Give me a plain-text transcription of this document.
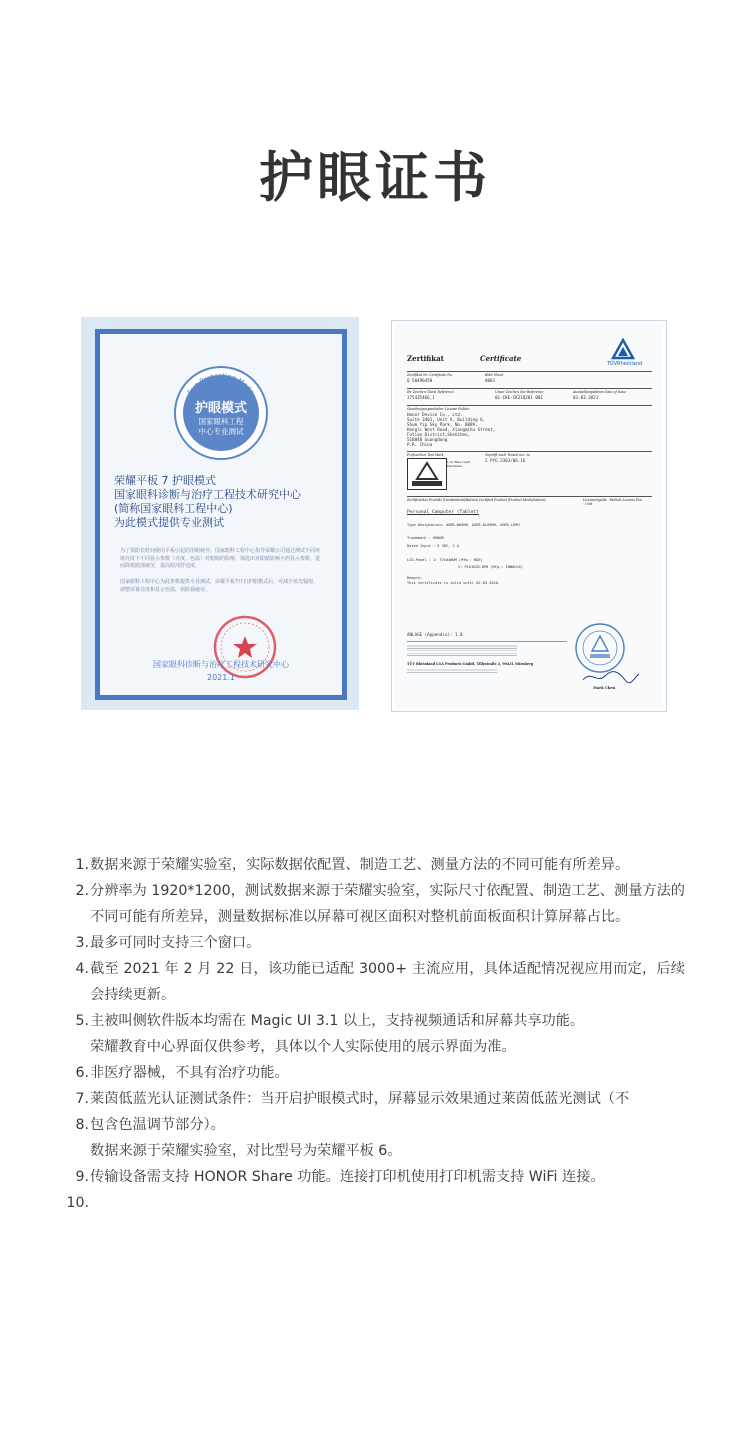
护眼证书
Eye Protection Mode
护眼模式
国家眼科工程
中心专业测试
荣耀平板 7 护眼模式
国家眼科诊断与治疗工程技术研究中心
(简称国家眼科工程中心)
为此模式提供专业测试
为了预防长时间使用平板引起的用眼疲劳，国家眼科工程中心指导荣耀公司通过测试不同环境亮度下不同显示参数（亮度、色温）对眼睛的影响，筛选出对眼睛影响小的显示参数，进而降低眼部疲劳，提高眼部舒适度。
国家眼科工程中心为此参数提供专业测试，荣耀平板7开启护眼模式后，可减少蓝光辐射，调整屏幕亮度和显示色温，预防视疲劳。
国家眼科诊断与治疗工程技术研究中心
2021.1
Zertifikat	Certificate
TÜVRheinland
Zertifikat Nr. Certificate No.	Blatt Sheet
Q 50496458	0001
Ihr Zeichen Client Reference	Unser Zeichen Our Reference	Ausstellungsdatum Date of Issue
375435466_1	01-CKE-CK21Q201 001	03.03.2021
Genehmigungsinhaber License Holder
Honor Device Co., Ltd.
Suite 3401, Unit A, Building 6,
Shum Yip Sky Park, No. 8089,
Hongli West Road, Xiangmihu Street,
Futian District,Shenzhen,
518040 Guangdong
P.R. China
Prüfzeichen Test Mark	Geprüft nach Tested acc. to
Low Blue Light Hardware
2 PfG 2383/06.16
Zertifiziertes Produkt (Geräteidentifikation) Certified Product (Product Identification)	Lizenzentgelte - Einheit License Fee - Unit
Personal Computer (Tablet)
Type Designation: AGM3-W09HN, AGM3-AL09HN, AGM3-L09H
Trademark : HONOR
Rated Input : 5 VDC, 2 A
LCD-Panel : 1: TV104WUM (Mfg.: BOE)
2: P101KZD-DP8 (Mfg.: INNOLUX)
Remark:
This certificate is valid until 02.03.2026.
ANLAGE (Appendix): 1.0
TÜV Rheinland LGA Products GmbH, Tillystraße 2, 90431 Nürnberg
Mark Chen
1. 数据来源于荣耀实验室，实际数据依配置、制造工艺、测量方法的不同可能有所差异。
2. 分辨率为 1920*1200，测试数据来源于荣耀实验室，实际尺寸依配置、制造工艺、测量方法的不同可能有所差异，测量数据标准以屏幕可视区面积对整机前面板面积计算屏幕占比。
3. 最多可同时支持三个窗口。
4. 截至 2021 年 2 月 22 日，该功能已适配 3000+ 主流应用，具体适配情况视应用而定，后续会持续更新。
5. 主被叫侧软件版本均需在 Magic UI 3.1 以上，支持视频通话和屏幕共享功能。
荣耀教育中心界面仅供参考，具体以个人实际使用的展示界面为准。
6. 非医疗器械，不具有治疗功能。
7. 莱茵低蓝光认证测试条件：当开启护眼模式时，屏幕显示效果通过莱茵低蓝光测试（不
8. 包含色温调节部分）。
数据来源于荣耀实验室，对比型号为荣耀平板 6。
9. 传输设备需支持 HONOR Share 功能。连接打印机使用打印机需支持 WiFi 连接。
10.
